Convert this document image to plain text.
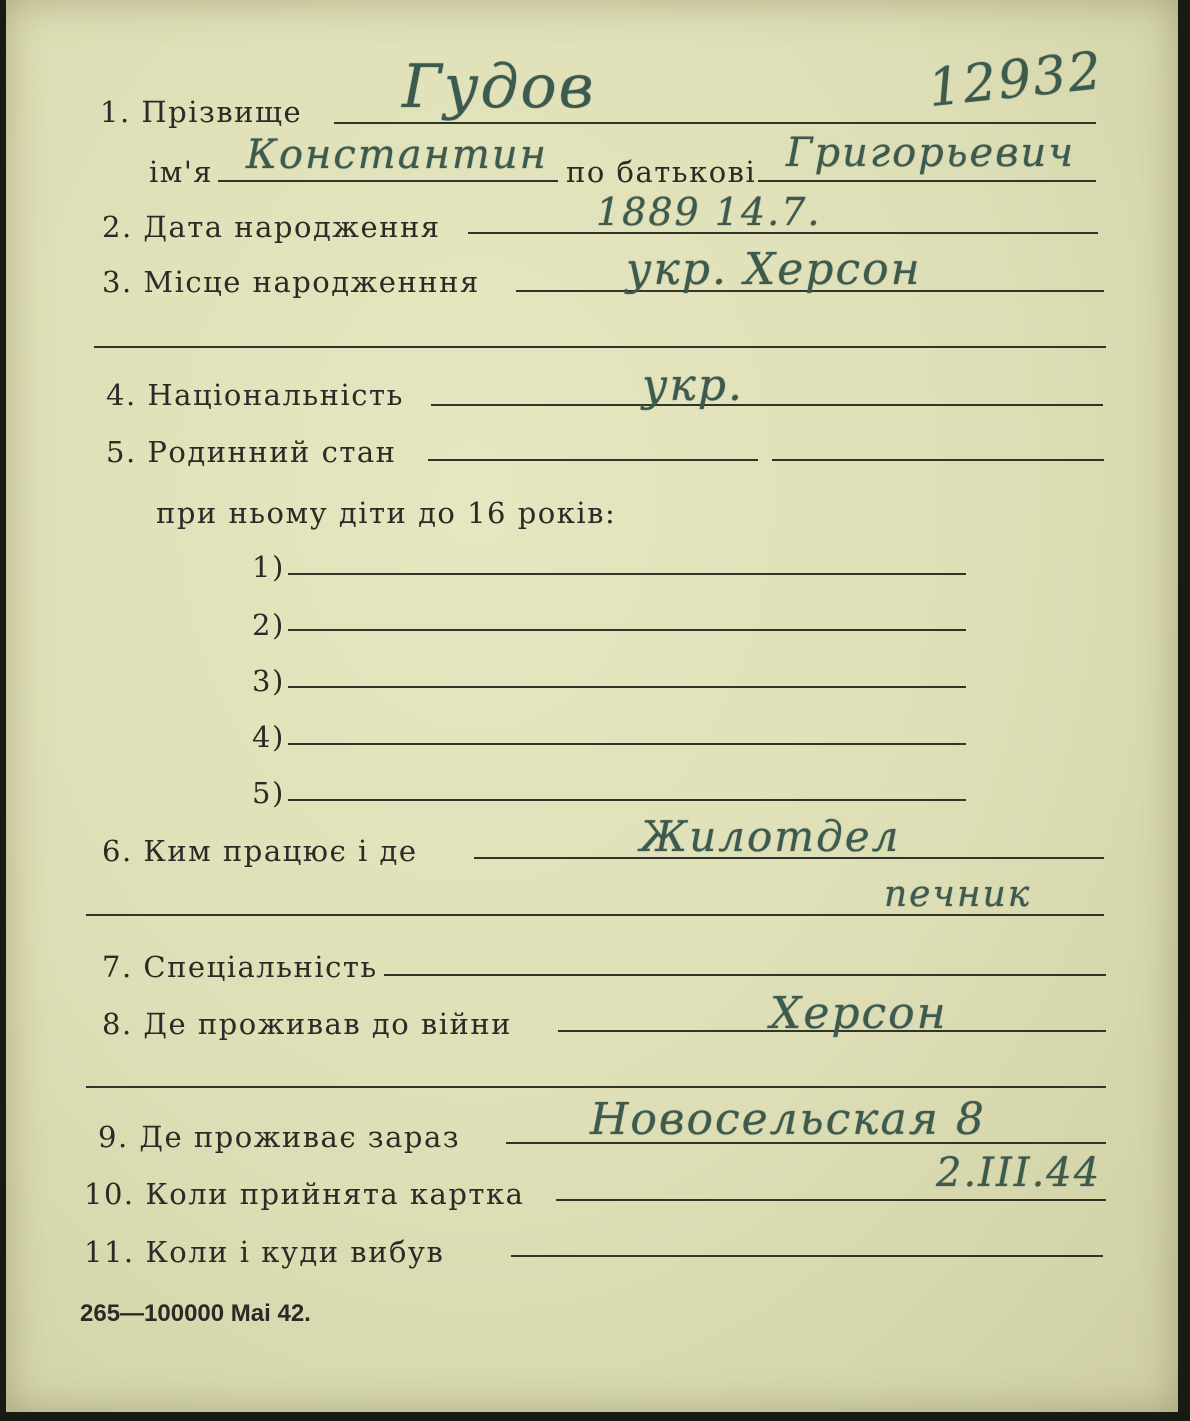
12932
1. Прізвище Гудов
ім'я Константин по батькові Григорьевич
2. Дата народження	1889 14.7.
3. Місце народженння	укр. Херсон
4. Національність	укр.
5. Родинний стан
при ньому діти до 16 років:
1)
2)
3)
4)
5)
6. Ким працює і де	Жилотдел
печник
7. Спеціальність
8. Де проживав до війни	Херсон
9. Де проживає зараз	Новосельская 8
10. Коли прийнята картка	2.III.44
11. Коли і куди вибув
265—100000 Mai 42.
